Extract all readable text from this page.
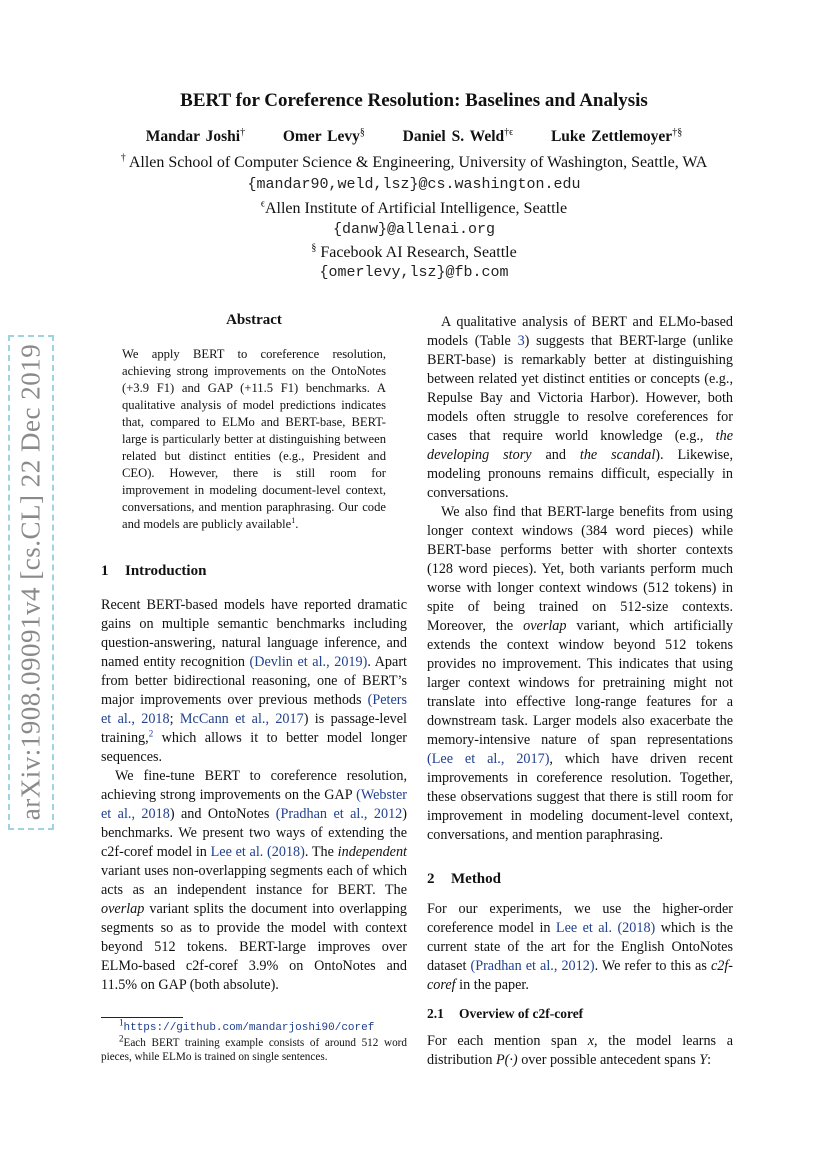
arXiv:1908.09091v4 [cs.CL] 22 Dec 2019
BERT for Coreference Resolution: Baselines and Analysis
Mandar Joshi† Omer Levy§ Daniel S. Weld$^{\dagger\epsilon}$ Luke Zettlemoyer†§
† Allen School of Computer Science & Engineering, University of Washington, Seattle, WA
{mandar90,weld,lsz}@cs.washington.edu
$^\epsilon$Allen Institute of Artificial Intelligence, Seattle
{danw}@allenai.org
§ Facebook AI Research, Seattle
{omerlevy,lsz}@fb.com
Abstract
We apply BERT to coreference resolution, achieving strong improvements on the OntoNotes (+3.9 F1) and GAP (+11.5 F1) benchmarks. A qualitative analysis of model predictions indicates that, compared to ELMo and BERT-base, BERT-large is particularly better at distinguishing between related but distinct entities (e.g., President and CEO). However, there is still room for improvement in modeling document-level context, conversations, and mention paraphrasing. Our code and models are publicly available$^1$.
1 Introduction

Recent BERT-based models have reported dramatic gains on multiple semantic benchmarks including question-answering, natural language inference, and named entity recognition (Devlin et al., 2019). Apart from better bidirectional reasoning, one of BERT’s major improvements over previous methods (Peters et al., 2018; McCann et al., 2017) is passage-level training,$^2$ which allows it to better model longer sequences.

We fine-tune BERT to coreference resolution, achieving strong improvements on the GAP (Webster et al., 2018) and OntoNotes (Pradhan et al., 2012) benchmarks. We present two ways of extending the c2f-coref model in Lee et al. (2018). The independent variant uses non-overlapping segments each of which acts as an independent instance for BERT. The overlap variant splits the document into overlapping segments so as to provide the model with context beyond 512 tokens. BERT-large improves over ELMo-based c2f-coref 3.9% on OntoNotes and 11.5% on GAP (both absolute).

$^1$https://github.com/mandarjoshi90/coref
$^2$Each BERT training example consists of around 512 word pieces, while ELMo is trained on single sentences.

A qualitative analysis of BERT and ELMo-based models (Table 3) suggests that BERT-large (unlike BERT-base) is remarkably better at distinguishing between related yet distinct entities or concepts (e.g., Repulse Bay and Victoria Harbor). However, both models often struggle to resolve coreferences for cases that require world knowledge (e.g., the developing story and the scandal). Likewise, modeling pronouns remains difficult, especially in conversations.

We also find that BERT-large benefits from using longer context windows (384 word pieces) while BERT-base performs better with shorter contexts (128 word pieces). Yet, both variants perform much worse with longer context windows (512 tokens) in spite of being trained on 512-size contexts. Moreover, the overlap variant, which artificially extends the context window beyond 512 tokens provides no improvement. This indicates that using larger context windows for pretraining might not translate into effective long-range features for a downstream task. Larger models also exacerbate the memory-intensive nature of span representations (Lee et al., 2017), which have driven recent improvements in coreference resolution. Together, these observations suggest that there is still room for improvement in modeling document-level context, conversations, and mention paraphrasing.

2 Method

For our experiments, we use the higher-order coreference model in Lee et al. (2018) which is the current state of the art for the English OntoNotes dataset (Pradhan et al., 2012). We refer to this as c2f-coref in the paper.

2.1 Overview of c2f-coref

For each mention span x, the model learns a distribution P(·) over possible antecedent spans Y:
